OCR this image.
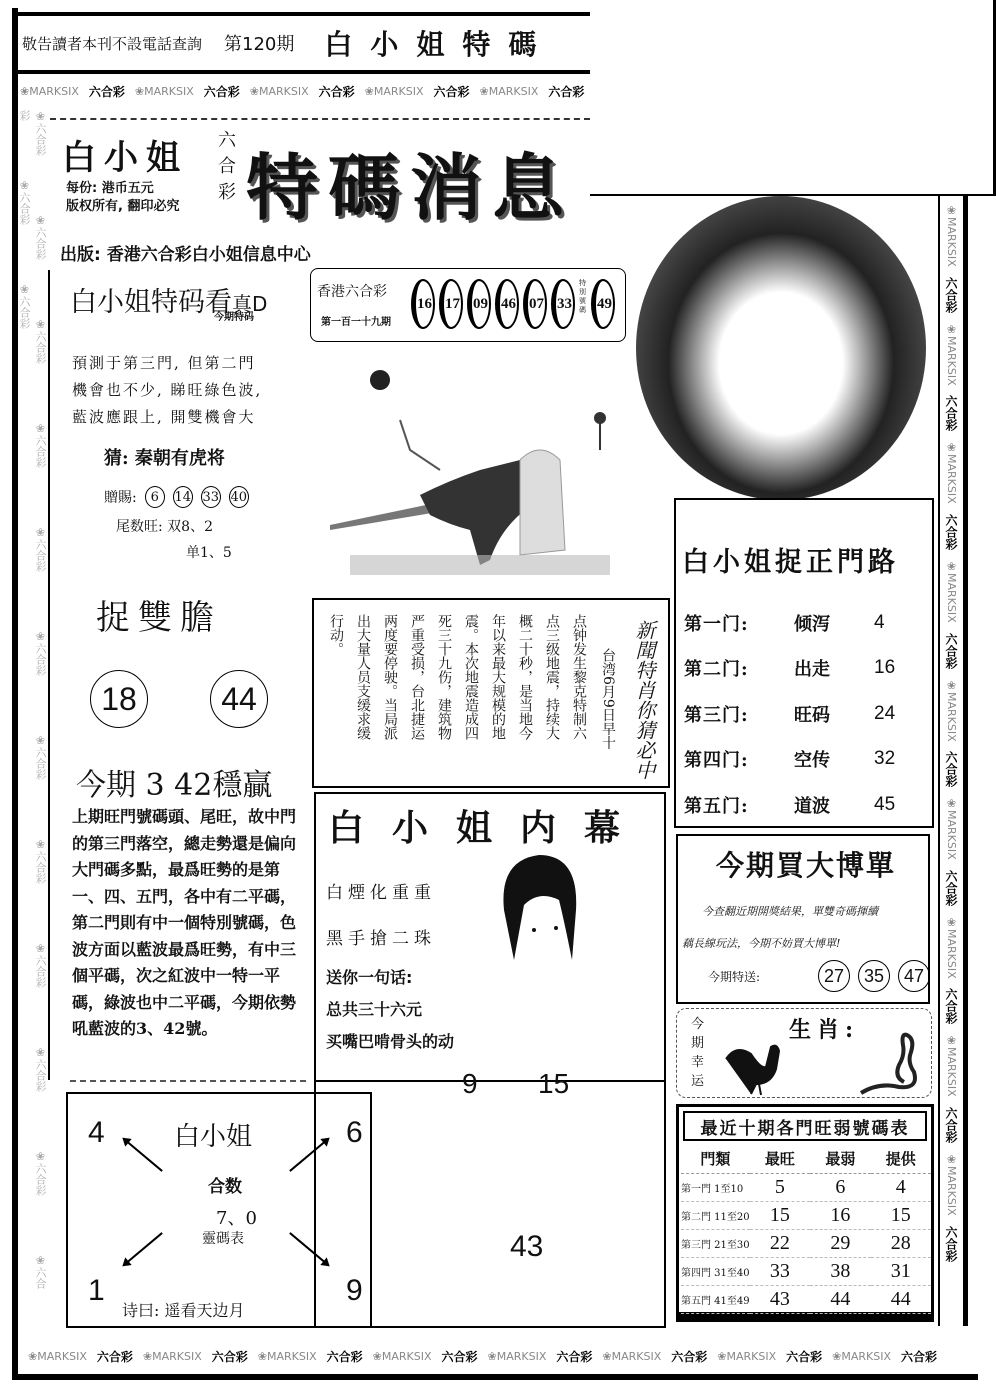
敬告讀者本刊不設電話查詢 第120期 白小姐特碼
❀MARKSIX 六合彩 ❀MARKSIX 六合彩 ❀MARKSIX 六合彩 ❀MARKSIX 六合彩 ❀MARKSIX 六合彩
❀MARKSIX 六合彩 ❀MARKSIX 六合彩 ❀MARKSIX 六合彩 ❀MARKSIX 六合彩 ❀MARKSIX 六合彩 ❀MARKSIX 六合彩 ❀MARKSIX 六合彩 ❀MARKSIX 六合彩
❀MARKSIX
六合彩
❀MARKSIX
六合彩
❀MARKSIX
六合彩
❀MARKSIX
六合彩
❀MARKSIX
六合彩
❀MARKSIX
六合彩
❀MARKSIX
六合彩
❀MARKSIX
六合彩
❀MARKSIX
六合彩
❀六合彩❀六合彩❀六合彩❀六合彩❀六合彩❀六合彩❀六合彩❀六合彩❀六合彩❀六合彩❀六合彩❀六合彩❀六合彩❀六合彩
白小姐 六合彩
每份: 港币五元
版权所有, 翻印必究 特碼消息
出版: 香港六合彩白小姐信息中心
白小姐特码看真D
今期特码
預測于第三門, 但第二門
機會也不少, 睇旺綠色波,
藍波應跟上, 開雙機會大
猜: 秦朝有虎将
贈賜:	6	14 33 40
尾数旺: 双8、2
单1、5
捉雙膽
18	44
今期 3 42穩贏
上期旺門號碼頭、尾旺，故中門的第三門落空，總走勢還是偏向大門碼多點，最爲旺勢的是第一、四、五門，各中有二平碼，第二門則有中一個特別號碼，色波方面以藍波最爲旺勢，有中三個平碼，次之紅波中一特一平碼，綠波也中二平碼，今期依勢吼藍波的3、42號。
4	6
1	9
白小姐
合数
7、0
靈碼表
诗曰: 遥看天边月
香港六合彩
第一百一十九期
16 17 09 46 07 33
特別號碼 49
点钟发生黎克特制六
点三级地震，持续大
概二十秒，是当地今
年以来最大规模的地
震。本次地震造成四
死三十九伤，建筑物
严重受损，台北捷运
两度要停驶。当局派
出大量人员支缓求缓
行动。
台湾6月9日早十 新聞特肖你猜必中
白小姐内幕
白煙化重重
黑手搶二珠
送你一句话:
总共三十六元
买嘴巴啃骨头的动
9 15
43
白小姐捉正門路
第一门:	倾泻	4
第二门:	出走	16
第三门:	旺码	24
第四门:	空传	32
第五门:	道波	45
今期買大博單
今查翻近期開獎結果，單雙奇碼揮續
藕長線玩法，今期不妨買大博單!
今期特送:	27	35	47
今期幸运
生肖:
最近十期各門旺弱號碼表
門類	最旺	最弱	提供
第一門 1至10	5	6	4
第二門 11至20	15	16	15
第三門 21至30	22	29	28
第四門 31至40	33	38	31
第五門 41至49	43	44	44
